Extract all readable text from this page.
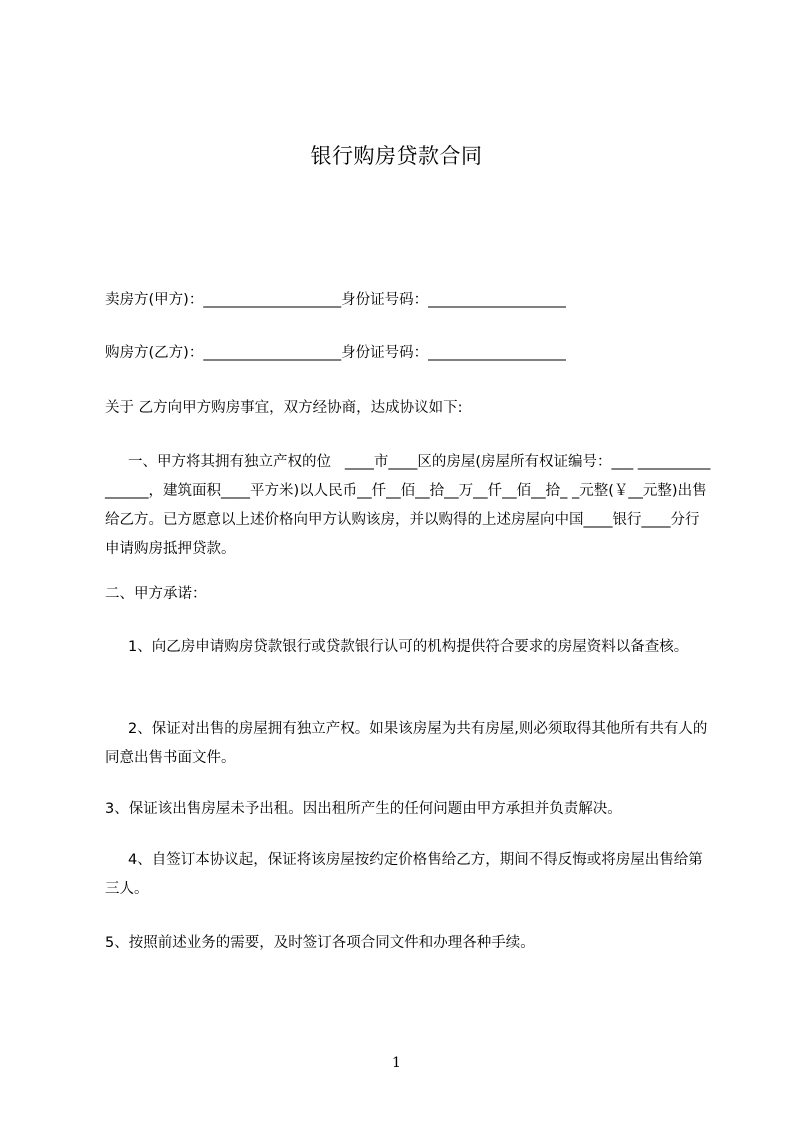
银行购房贷款合同
卖房方(甲方)：___________________身份证号码：___________________
购房方(乙方)：___________________身份证号码：___________________
关于 乙方向甲方购房事宜，双方经协商，达成协议如下:
一、甲方将其拥有独立产权的位   ____市____区的房屋(房屋所有权证编号：___ ________________，建筑面积____平方米)以人民币__仟__佰__拾__万__仟__佰__拾_ _元整(￥__元整)出售给乙方。已方愿意以上述价格向甲方认购该房，并以购得的上述房屋向中国____银行____分行申请购房抵押贷款。
二、甲方承诺：
1、向乙房申请购房贷款银行或贷款银行认可的机构提供符合要求的房屋资料以备查核。
2、保证对出售的房屋拥有独立产权。如果该房屋为共有房屋,则必须取得其他所有共有人的同意出售书面文件。
3、保证该出售房屋未予出租。因出租所产生的任何问题由甲方承担并负责解决。
4、自签订本协议起，保证将该房屋按约定价格售给乙方，期间不得反悔或将房屋出售给第三人。
5、按照前述业务的需要，及时签订各项合同文件和办理各种手续。
1
